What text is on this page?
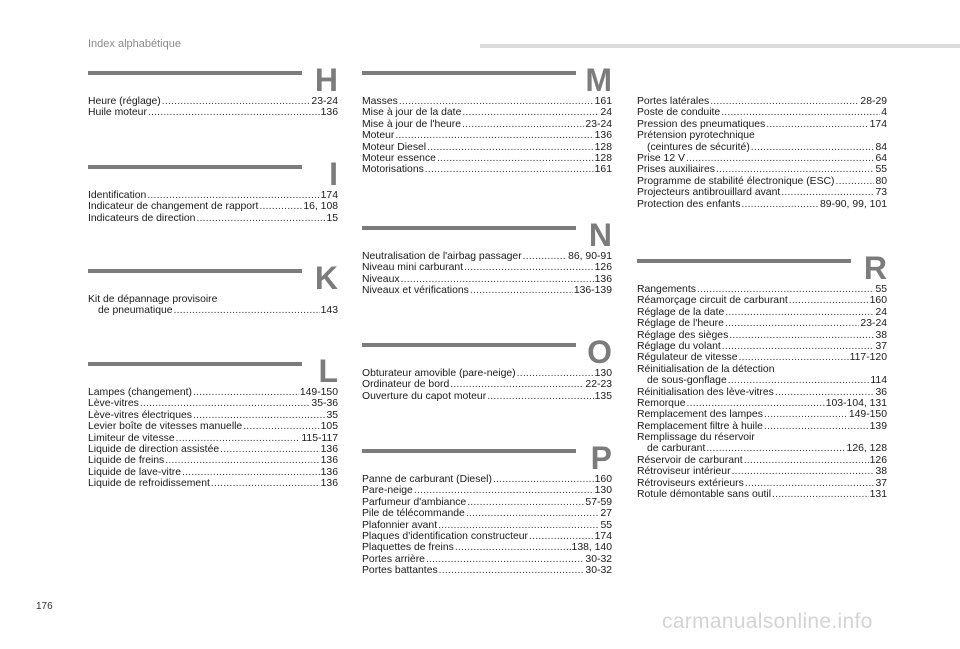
Index alphabétique
H
Heure (réglage) .....	23-24
Huile moteur .....	136
I
Identification .....	174
Indicateur de changement de rapport .....	16, 108
Indicateurs de direction .....	15
K
Kit de dépannage provisoire
de pneumatique .....	143
L
Lampes (changement) .....	149-150
Lève-vitres .....	35-36
Lève-vitres électriques .....	35
Levier boîte de vitesses manuelle .....	105
Limiteur de vitesse .....	115-117
Liquide de direction assistée .....	136
Liquide de freins .....	136
Liquide de lave-vitre .....	136
Liquide de refroidissement .....	136
M
Masses .....	161
Mise à jour de la date .....	24
Mise à jour de l'heure .....	23-24
Moteur .....	136
Moteur Diesel .....	128
Moteur essence .....	128
Motorisations .....	161
N
Neutralisation de l'airbag passager .....	86, 90-91
Niveau mini carburant .....	126
Niveaux .....	136
Niveaux et vérifications .....	136-139
O
Obturateur amovible (pare-neige) .....	130
Ordinateur de bord .....	22-23
Ouverture du capot moteur .....	135
P
Panne de carburant (Diesel) .....	160
Pare-neige .....	130
Parfumeur d'ambiance .....	57-59
Pile de télécommande .....	27
Plafonnier avant .....	55
Plaques d'identification constructeur .....	174
Plaquettes de freins .....	138, 140
Portes arrière .....	30-32
Portes battantes .....	30-32
Portes latérales .....	28-29
Poste de conduite .....	4
Pression des pneumatiques .....	174
Prétension pyrotechnique
(ceintures de sécurité) .....	84
Prise 12 V .....	64
Prises auxiliaires .....	55
Programme de stabilité électronique (ESC) .....	80
Projecteurs antibrouillard avant .....	73
Protection des enfants .....	89-90, 99, 101
R
Rangements .....	55
Réamorçage circuit de carburant .....	160
Réglage de la date .....	24
Réglage de l'heure .....	23-24
Réglage des sièges .....	38
Réglage du volant .....	37
Régulateur de vitesse .....	117-120
Réinitialisation de la détection
de sous-gonflage .....	114
Réinitialisation des lève-vitres .....	36
Remorque .....	103-104, 131
Remplacement des lampes .....	149-150
Remplacement filtre à huile .....	139
Remplissage du réservoir
de carburant .....	126, 128
Réservoir de carburant .....	126
Rétroviseur intérieur .....	38
Rétroviseurs extérieurs .....	37
Rotule démontable sans outil .....	131
176
carmanualsonline.info
